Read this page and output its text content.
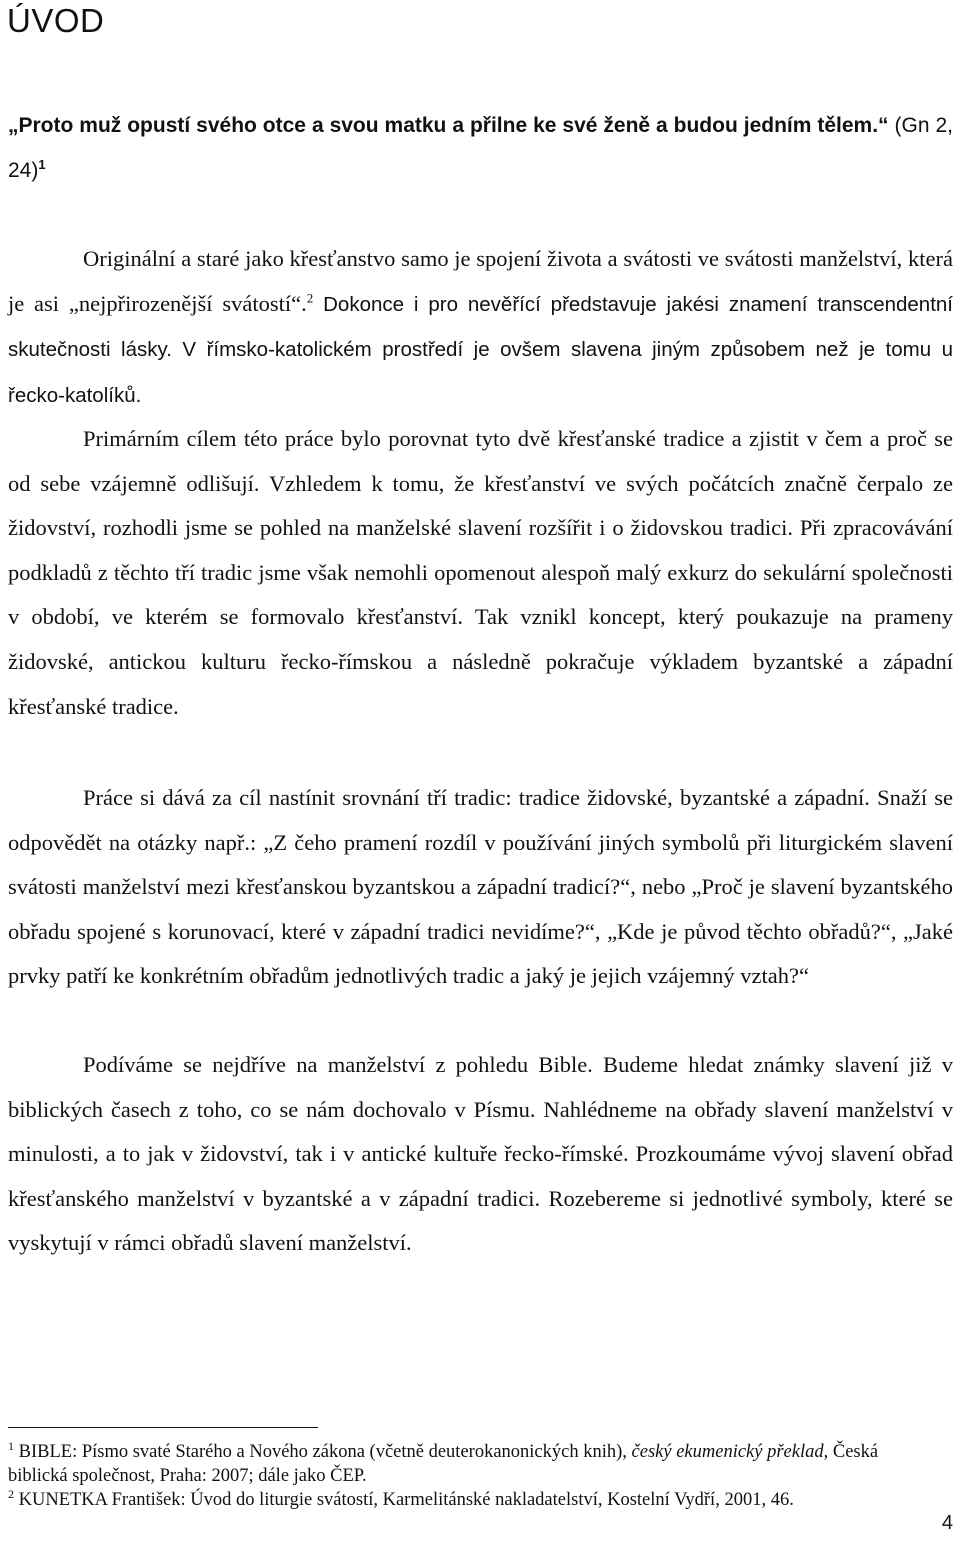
ÚVOD

„Proto muž opustí svého otce a svou matku a přilne ke své ženě a budou jedním tělem.“ (Gn 2, 24)$^1$

Originální a staré jako křesťanstvo samo je spojení života a svátosti ve svátosti manželství, která je asi „nejpřirozenější svátostí“.$^2$ Dokonce i pro nevěřící představuje jakési znamení transcendentní skutečnosti lásky. V římsko-katolickém prostředí je ovšem slavena jiným způsobem než je tomu u řecko-katolíků.

Primárním cílem této práce bylo porovnat tyto dvě křesťanské tradice a zjistit v čem a proč se od sebe vzájemně odlišují. Vzhledem k tomu, že křesťanství ve svých počátcích značně čerpalo ze židovství, rozhodli jsme se pohled na manželské slavení rozšířit i o židovskou tradici. Při zpracovávání podkladů z těchto tří tradic jsme však nemohli opomenout alespoň malý exkurz do sekulární společnosti v období, ve kterém se formovalo křesťanství. Tak vznikl koncept, který poukazuje na prameny židovské, antickou kulturu řecko-římskou a následně pokračuje výkladem byzantské a západní křesťanské tradice.

Práce si dává za cíl nastínit srovnání tří tradic: tradice židovské, byzantské a západní. Snaží se odpovědět na otázky např.: „Z čeho pramení rozdíl v používání jiných symbolů při liturgickém slavení svátosti manželství mezi křesťanskou byzantskou a západní tradicí?“, nebo „Proč je slavení byzantského obřadu spojené s korunovací, které v západní tradici nevidíme?“, „Kde je původ těchto obřadů?“, „Jaké prvky patří ke konkrétním obřadům jednotlivých tradic a jaký je jejich vzájemný vztah?“

Podíváme se nejdříve na manželství z pohledu Bible. Budeme hledat známky slavení již v biblických časech z toho, co se nám dochovalo v Písmu. Nahlédneme na obřady slavení manželství v minulosti, a to jak v židovství, tak i v antické kultuře řecko-římské. Prozkoumáme vývoj slavení obřad křesťanského manželství v byzantské a v západní tradici. Rozebereme si jednotlivé symboly, které se vyskytují v rámci obřadů slavení manželství.

$^1$ BIBLE: Písmo svaté Starého a Nového zákona (včetně deuterokanonických knih), český ekumenický překlad, Česká biblická společnost, Praha: 2007; dále jako ČEP.

$^2$ KUNETKA František: Úvod do liturgie svátostí, Karmelitánské nakladatelství, Kostelní Vydří, 2001, 46.

4
